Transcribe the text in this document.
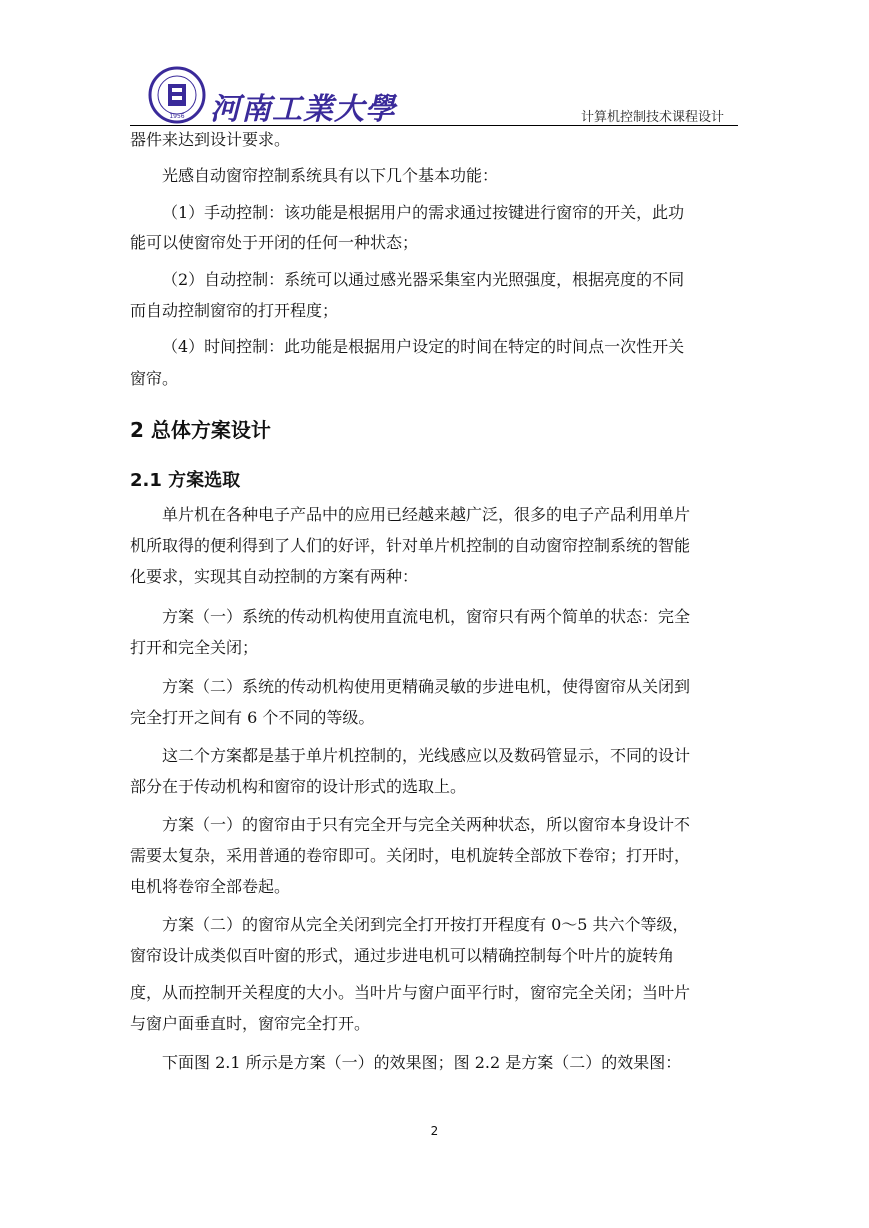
1956 河南工業大學	计算机控制技术课程设计
器件来达到设计要求。
光感自动窗帘控制系统具有以下几个基本功能：
（1）手动控制：该功能是根据用户的需求通过按键进行窗帘的开关，此功
能可以使窗帘处于开闭的任何一种状态；
（2）自动控制：系统可以通过感光器采集室内光照强度，根据亮度的不同
而自动控制窗帘的打开程度；
（4）时间控制：此功能是根据用户设定的时间在特定的时间点一次性开关
窗帘。
2 总体方案设计
2.1 方案选取
单片机在各种电子产品中的应用已经越来越广泛，很多的电子产品利用单片
机所取得的便利得到了人们的好评，针对单片机控制的自动窗帘控制系统的智能
化要求，实现其自动控制的方案有两种：
方案（一）系统的传动机构使用直流电机，窗帘只有两个简单的状态：完全
打开和完全关闭；
方案（二）系统的传动机构使用更精确灵敏的步进电机，使得窗帘从关闭到
完全打开之间有 6 个不同的等级。
这二个方案都是基于单片机控制的，光线感应以及数码管显示，不同的设计
部分在于传动机构和窗帘的设计形式的选取上。
方案（一）的窗帘由于只有完全开与完全关两种状态，所以窗帘本身设计不
需要太复杂，采用普通的卷帘即可。关闭时，电机旋转全部放下卷帘；打开时，
电机将卷帘全部卷起。
方案（二）的窗帘从完全关闭到完全打开按打开程度有 0～5 共六个等级，
窗帘设计成类似百叶窗的形式，通过步进电机可以精确控制每个叶片的旋转角
度，从而控制开关程度的大小。当叶片与窗户面平行时，窗帘完全关闭；当叶片
与窗户面垂直时，窗帘完全打开。
下面图 2.1 所示是方案（一）的效果图；图 2.2 是方案（二）的效果图：
2
